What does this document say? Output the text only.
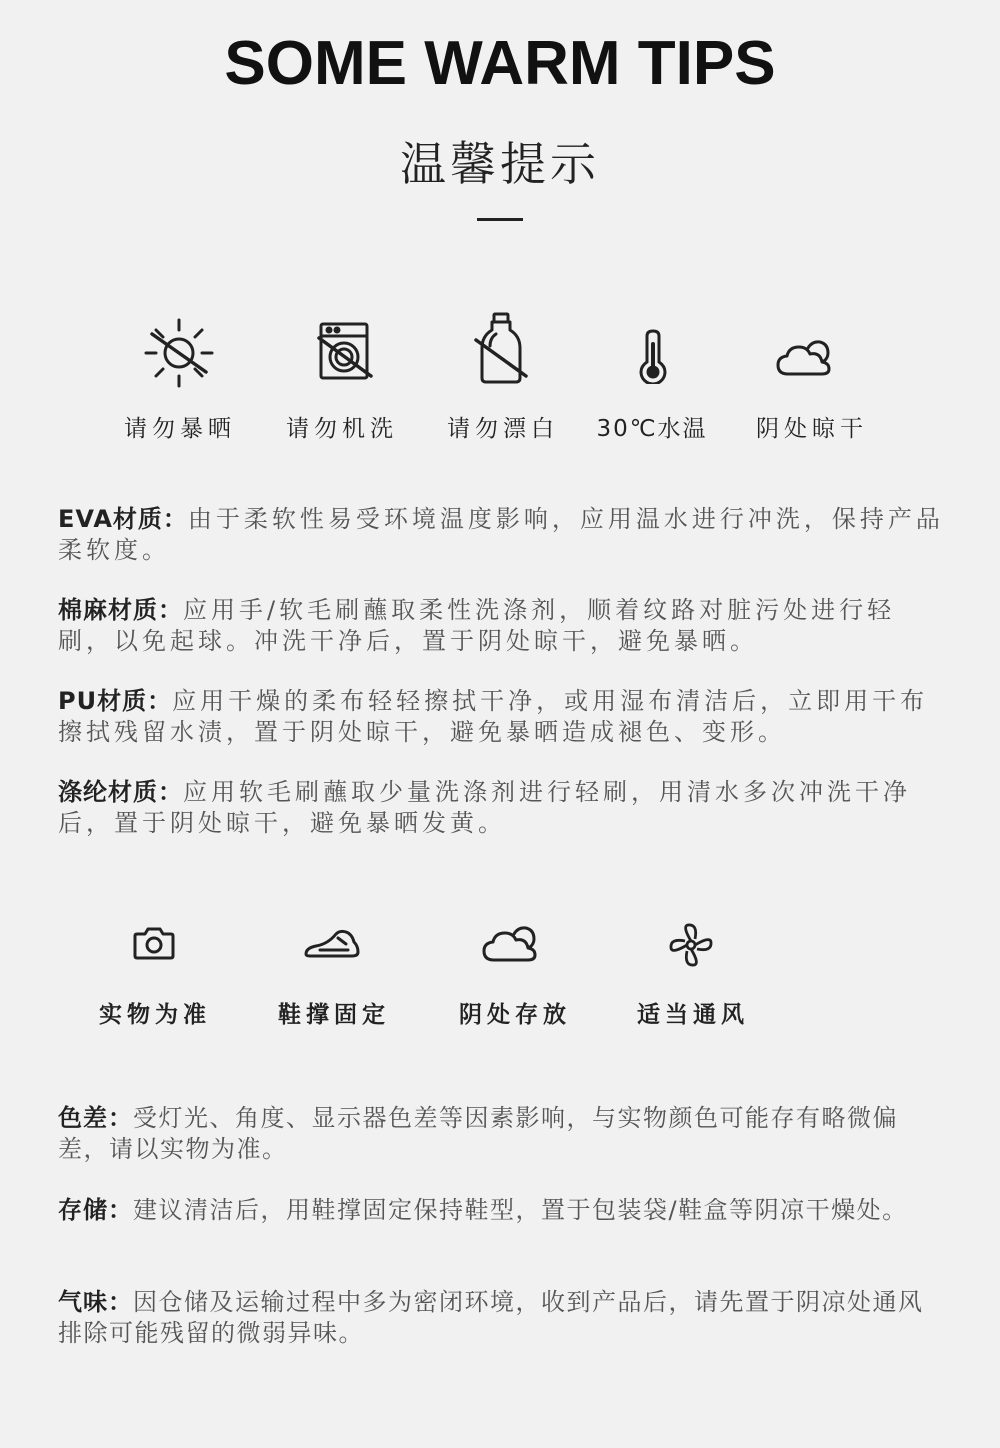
SOME WARM TIPS
温馨提示
请勿暴晒	请勿机洗	请勿漂白	30℃水温	阴处晾干
EVA材质：由于柔软性易受环境温度影响，应用温水进行冲洗，保持产品柔软度。
棉麻材质：应用手/软毛刷蘸取柔性洗涤剂，顺着纹路对脏污处进行轻刷，以免起球。冲洗干净后，置于阴处晾干，避免暴晒。
PU材质：应用干燥的柔布轻轻擦拭干净，或用湿布清洁后，立即用干布擦拭残留水渍，置于阴处晾干，避免暴晒造成褪色、变形。
涤纶材质：应用软毛刷蘸取少量洗涤剂进行轻刷，用清水多次冲洗干净后，置于阴处晾干，避免暴晒发黄。
实物为准	鞋撑固定	阴处存放	适当通风
色差：受灯光、角度、显示器色差等因素影响，与实物颜色可能存有略微偏差，请以实物为准。
存储：建议清洁后，用鞋撑固定保持鞋型，置于包装袋/鞋盒等阴凉干燥处。
气味：因仓储及运输过程中多为密闭环境，收到产品后，请先置于阴凉处通风排除可能残留的微弱异味。
